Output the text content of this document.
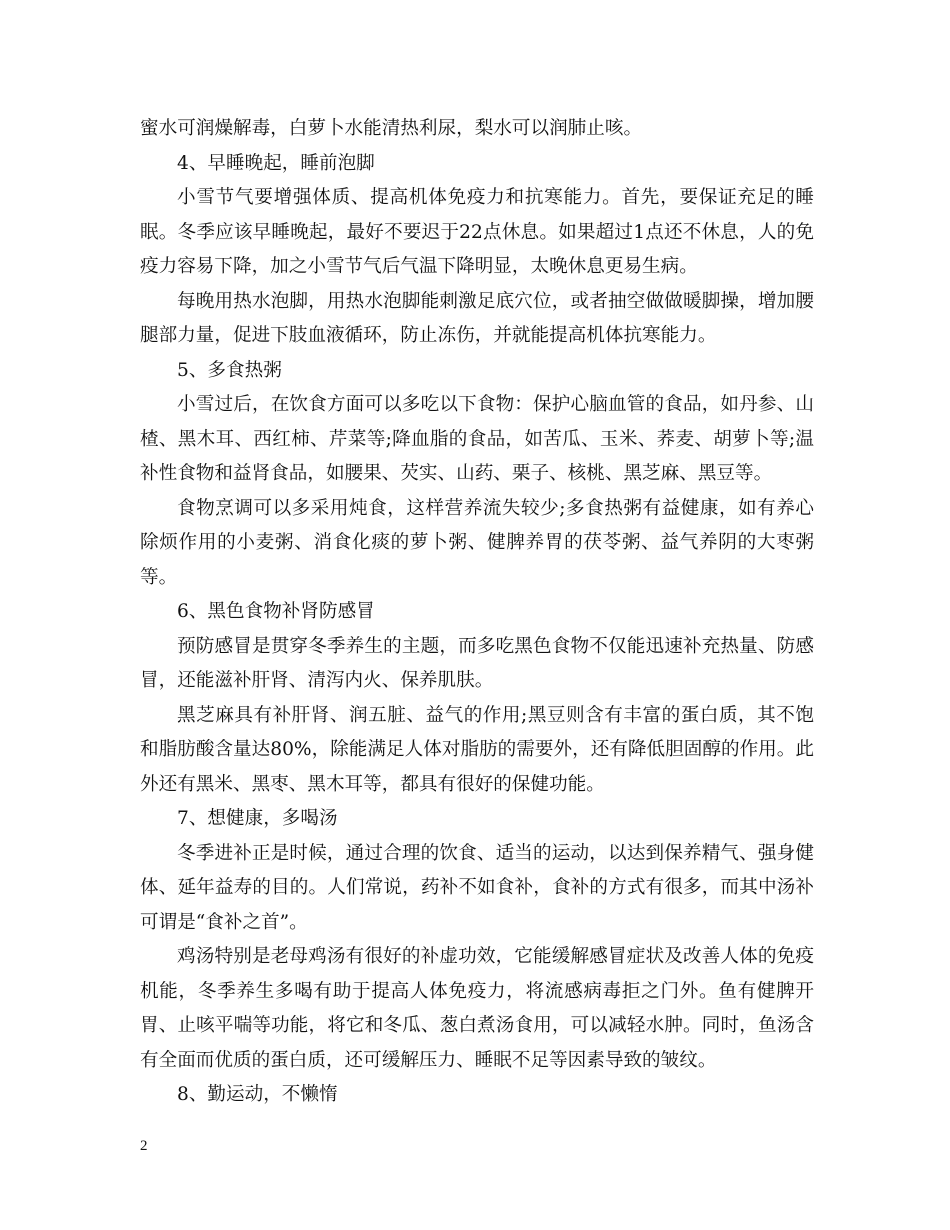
蜜水可润燥解毒，白萝卜水能清热利尿，梨水可以润肺止咳。

4、早睡晚起，睡前泡脚

小雪节气要增强体质、提高机体免疫力和抗寒能力。首先，要保证充足的睡眠。冬季应该早睡晚起，最好不要迟于22点休息。如果超过1点还不休息，人的免疫力容易下降，加之小雪节气后气温下降明显，太晚休息更易生病。

每晚用热水泡脚，用热水泡脚能刺激足底穴位，或者抽空做做暖脚操，增加腰腿部力量，促进下肢血液循环，防止冻伤，并就能提高机体抗寒能力。

5、多食热粥

小雪过后，在饮食方面可以多吃以下食物：保护心脑血管的食品，如丹参、山楂、黑木耳、西红柿、芹菜等;降血脂的食品，如苦瓜、玉米、荞麦、胡萝卜等;温补性食物和益肾食品，如腰果、芡实、山药、栗子、核桃、黑芝麻、黑豆等。

食物烹调可以多采用炖食，这样营养流失较少;多食热粥有益健康，如有养心除烦作用的小麦粥、消食化痰的萝卜粥、健脾养胃的茯苓粥、益气养阴的大枣粥等。

6、黑色食物补肾防感冒

预防感冒是贯穿冬季养生的主题，而多吃黑色食物不仅能迅速补充热量、防感冒，还能滋补肝肾、清泻内火、保养肌肤。

黑芝麻具有补肝肾、润五脏、益气的作用;黑豆则含有丰富的蛋白质，其不饱和脂肪酸含量达80%，除能满足人体对脂肪的需要外，还有降低胆固醇的作用。此外还有黑米、黑枣、黑木耳等，都具有很好的保健功能。

7、想健康，多喝汤

冬季进补正是时候，通过合理的饮食、适当的运动，以达到保养精气、强身健体、延年益寿的目的。人们常说，药补不如食补，食补的方式有很多，而其中汤补可谓是“食补之首”。

鸡汤特别是老母鸡汤有很好的补虚功效，它能缓解感冒症状及改善人体的免疫机能，冬季养生多喝有助于提高人体免疫力，将流感病毒拒之门外。鱼有健脾开胃、止咳平喘等功能，将它和冬瓜、葱白煮汤食用，可以减轻水肿。同时，鱼汤含有全面而优质的蛋白质，还可缓解压力、睡眠不足等因素导致的皱纹。

8、勤运动，不懒惰

2
